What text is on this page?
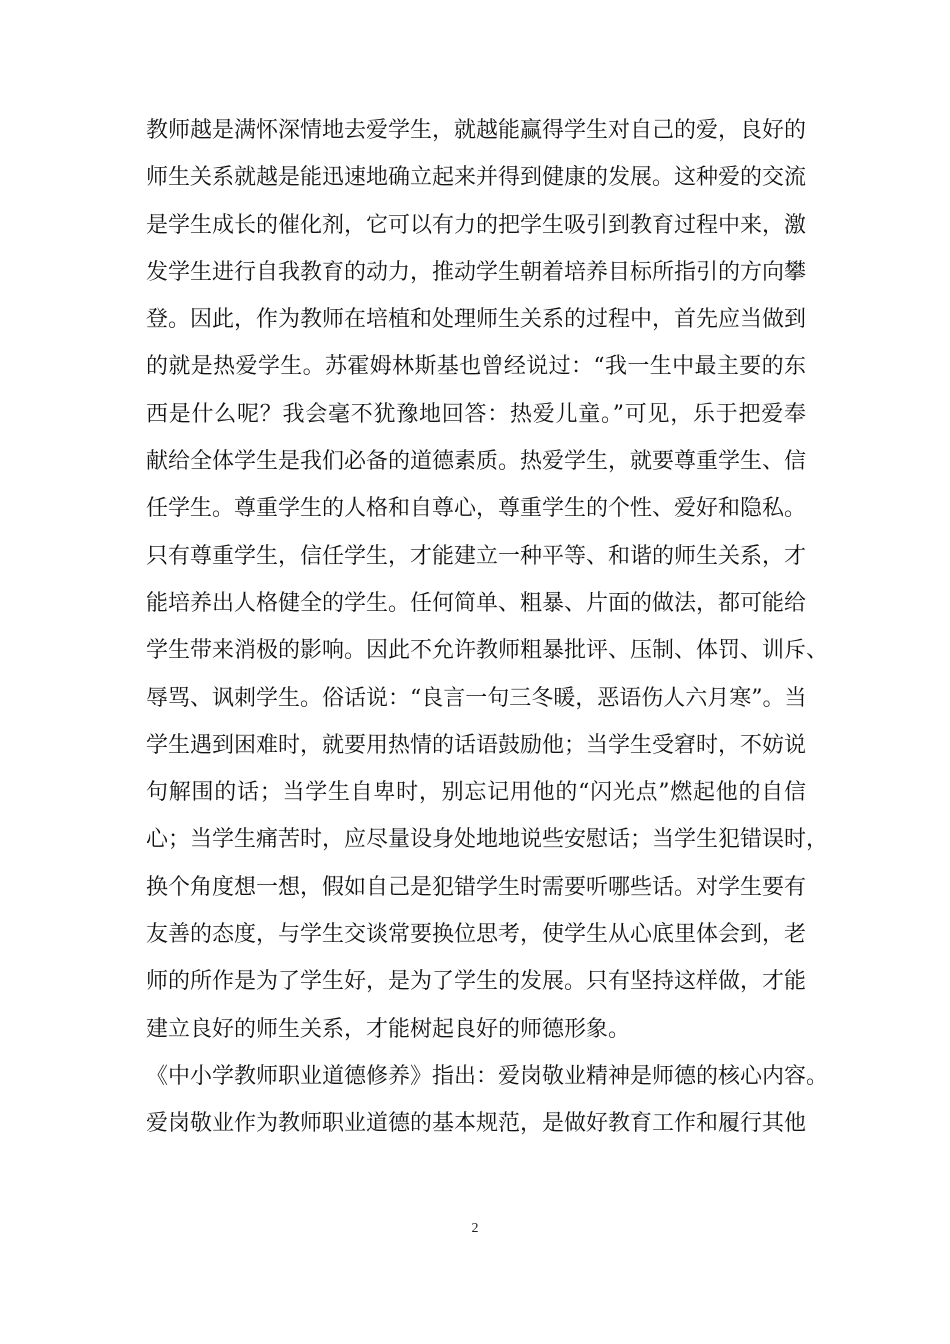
教师越是满怀深情地去爱学生，就越能赢得学生对自己的爱，良好的
师生关系就越是能迅速地确立起来并得到健康的发展。这种爱的交流
是学生成长的催化剂，它可以有力的把学生吸引到教育过程中来，激
发学生进行自我教育的动力，推动学生朝着培养目标所指引的方向攀
登。因此，作为教师在培植和处理师生关系的过程中，首先应当做到
的就是热爱学生。苏霍姆林斯基也曾经说过：“我一生中最主要的东
西是什么呢？我会毫不犹豫地回答：热爱儿童。”可见，乐于把爱奉
献给全体学生是我们必备的道德素质。热爱学生，就要尊重学生、信
任学生。尊重学生的人格和自尊心，尊重学生的个性、爱好和隐私。
只有尊重学生，信任学生，才能建立一种平等、和谐的师生关系，才
能培养出人格健全的学生。任何简单、粗暴、片面的做法，都可能给
学生带来消极的影响。因此不允许教师粗暴批评、压制、体罚、训斥、
辱骂、讽刺学生。俗话说：“良言一句三冬暖，恶语伤人六月寒”。当
学生遇到困难时，就要用热情的话语鼓励他；当学生受窘时，不妨说
句解围的话；当学生自卑时，别忘记用他的“闪光点”燃起他的自信
心；当学生痛苦时，应尽量设身处地地说些安慰话；当学生犯错误时，
换个角度想一想，假如自己是犯错学生时需要听哪些话。对学生要有
友善的态度，与学生交谈常要换位思考，使学生从心底里体会到，老
师的所作是为了学生好，是为了学生的发展。只有坚持这样做，才能
建立良好的师生关系，才能树起良好的师德形象。
《中小学教师职业道德修养》指出：爱岗敬业精神是师德的核心内容。
爱岗敬业作为教师职业道德的基本规范，是做好教育工作和履行其他
2
